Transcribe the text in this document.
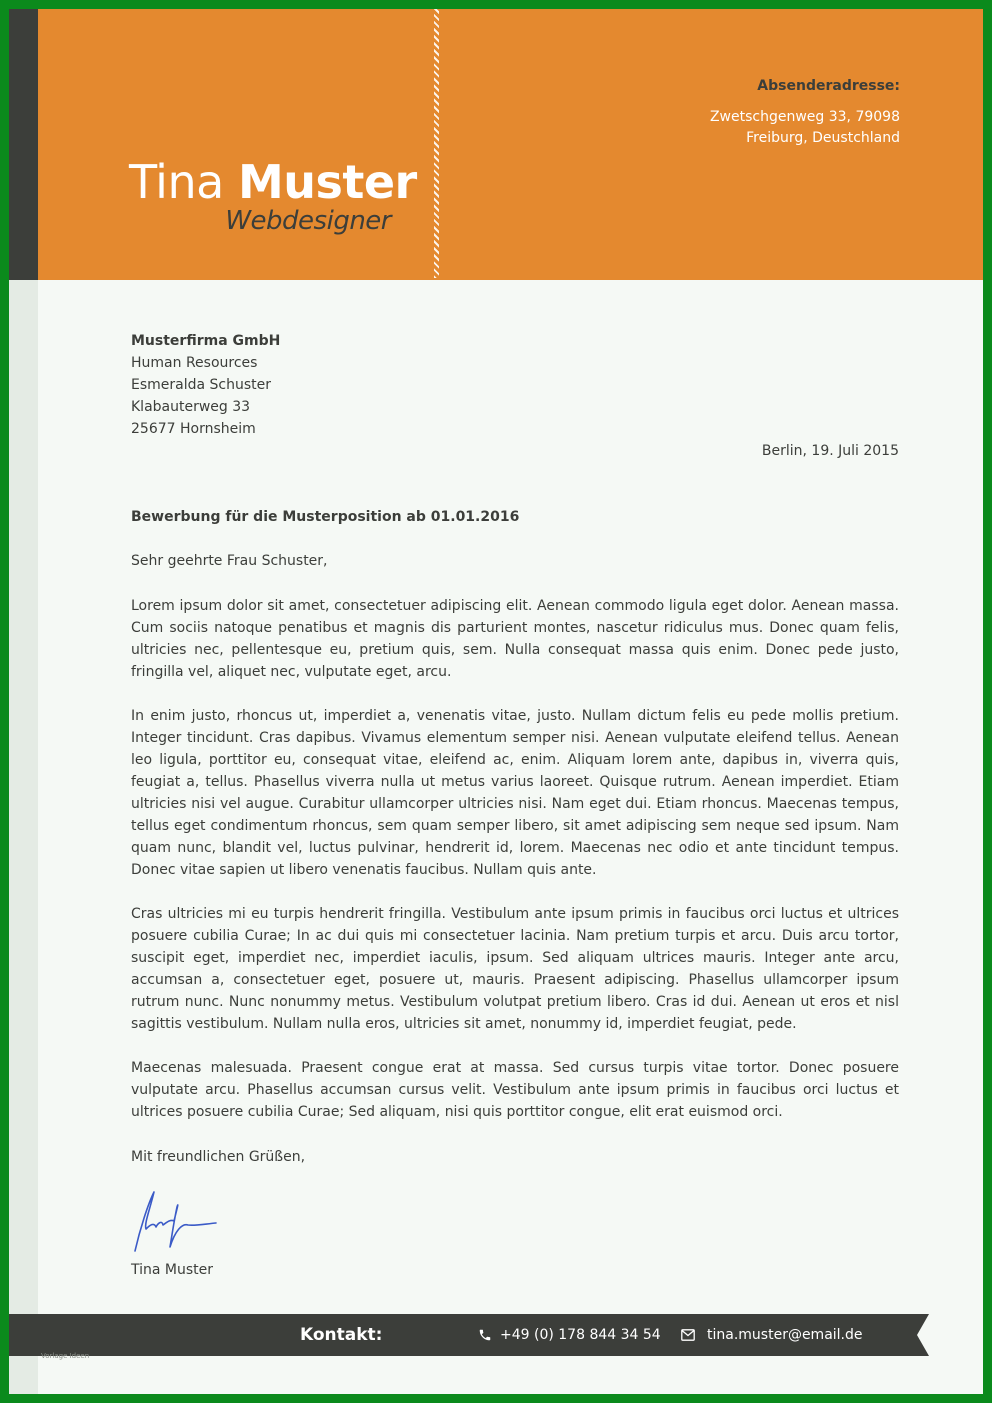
Tina Muster
Webdesigner
Absenderadresse:
Zwetschgenweg 33, 79098
Freiburg, Deustchland
Musterfirma GmbH
Human Resources
Esmeralda Schuster
Klabauterweg 33
25677 Hornsheim
Berlin, 19. Juli 2015
Bewerbung für die Musterposition ab 01.01.2016
Sehr geehrte Frau Schuster,

Lorem ipsum dolor sit amet, consectetuer adipiscing elit. Aenean commodo ligula eget dolor. Aenean massa. Cum sociis natoque penatibus et magnis dis parturient montes, nascetur ridiculus mus. Donec quam felis, ultricies nec, pellentesque eu, pretium quis, sem. Nulla consequat massa quis enim. Donec pede justo, fringilla vel, aliquet nec, vulputate eget, arcu.

In enim justo, rhoncus ut, imperdiet a, venenatis vitae, justo. Nullam dictum felis eu pede mollis pretium. Integer tincidunt. Cras dapibus. Vivamus elementum semper nisi. Aenean vulputate eleifend tellus. Aenean leo ligula, porttitor eu, consequat vitae, eleifend ac, enim. Aliquam lorem ante, dapibus in, viverra quis, feugiat a, tellus. Phasellus viverra nulla ut metus varius laoreet. Quisque rutrum. Aenean imperdiet. Etiam ultricies nisi vel augue. Curabitur ullamcorper ultricies nisi. Nam eget dui. Etiam rhoncus. Maecenas tempus, tellus eget condimentum rhoncus, sem quam semper libero, sit amet adipiscing sem neque sed ipsum. Nam quam nunc, blandit vel, luctus pulvinar, hendrerit id, lorem. Maecenas nec odio et ante tincidunt tempus. Donec vitae sapien ut libero venenatis faucibus. Nullam quis ante.

Cras ultricies mi eu turpis hendrerit fringilla. Vestibulum ante ipsum primis in faucibus orci luctus et ultrices posuere cubilia Curae; In ac dui quis mi consectetuer lacinia. Nam pretium turpis et arcu. Duis arcu tortor, suscipit eget, imperdiet nec, imperdiet iaculis, ipsum. Sed aliquam ultrices mauris. Integer ante arcu, accumsan a, consectetuer eget, posuere ut, mauris. Praesent adipiscing. Phasellus ullamcorper ipsum rutrum nunc. Nunc nonummy metus. Vestibulum volutpat pretium libero. Cras id dui. Aenean ut eros et nisl sagittis vestibulum. Nullam nulla eros, ultricies sit amet, nonummy id, imperdiet feugiat, pede.

Maecenas malesuada. Praesent congue erat at massa. Sed cursus turpis vitae tortor. Donec posuere vulputate arcu. Phasellus accumsan cursus velit. Vestibulum ante ipsum primis in faucibus orci luctus et ultrices posuere cubilia Curae; Sed aliquam, nisi quis porttitor congue, elit erat euismod orci.

Mit freundlichen Grüßen,
Tina Muster
Kontakt:	+49 (0) 178 844 34 54	tina.muster@email.de
Vorlage Ideen
